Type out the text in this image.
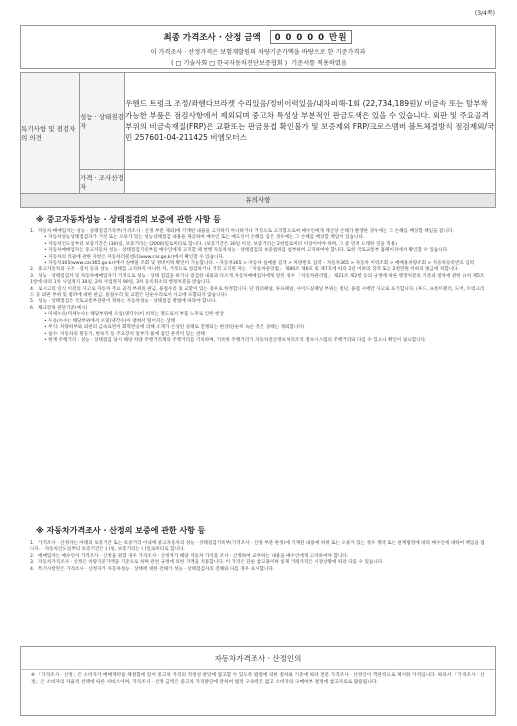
(3/4쪽)
최종 가격조사 · 산정 금액 0 0 0 0 0 만원
이 가격조사 · 산정가격은 보험개발원의 차량기준가액을 바탕으로 한 기준가격과
( □ 기술사회 □ 한국자동차진단보증협회 ) 기준서를 적용하였음
특기사항 및 점검자의 의견	성능 · 상태점검자	우핸드 트렁크 조정/좌핸다브라켓 수리있음/정비이력있음/내차피해-1회 (22,734,189원)/ 비금속 또는 탈부착 가능한 부품은 점검사항에서 제외되며 중고차 특성상 부분적인 판금도색은 있을 수 있습니다. 외판 및 주요골격부위의 비금속재질(FRP)은 교환또는 판금용접 확인불가 및 보증제외 FRP/크로스멤버 볼트체결방식 점검제외/국민 257601-04-211425 비엠모터스
	가격 · 조사산정자	
유의사항
※ 중고자동차성능 · 상태점검의 보증에 관한 사항 등
1. 자동차 매매업자는 성능 · 상태점검기록부(가격조사 · 산정 부분 제외)에 기재된 내용을 고지하지 아니하거나 거짓으로 고지함으로써 매수인에게 재산상 손해가 발생한 경우에는 그 손해를 배상할 책임을 집니다.
• 자동차성능상태점검자가 거짓 또는 오류가 있는 성능상태점검 내용을 제공하여 매수인 또는 매도인이 손해를 입은 경우에는 그 손해를 배상할 책임이 있습니다.
• 자동차인도일부터 보증기간은 (30)일, 보증거리는 (2000)킬로미터로 합니다. (보증기간은 30일 이상, 보증거리는 2천킬로미터 이상이어야 하며, 그 중 먼저 도래한 것을 적용)
• 자동차매매업자는 중고자동차 성능 · 상태점검기록부를 매수인에게 고지할 때 현행 자동차성능 · 상태점검의 보증범위를 첨부하여 고지하여야 합니다. 또한 국토교통부 홈페이지에서 확인할 수 있습니다.
• 자동차의 리콜에 관한 사항은 자동차리콜센터(www.car.go.kr)에서 확인할 수 있습니다.
• 자동차365(www.car365.go.kr)에서 실매물 조회 및 정비이력 확인이 가능합니다. – 자동차365 > 자동차 실매물 검색 > 차량번호 입력 – 자동차365 > 자동차 이력조회 > 매매용차량조회 > 자동차등록번호 입력
2. 중고자동차의 구조 · 장치 등의 성능 · 상태를 고지하지 아니한 자, 거짓으로 점검하거나 거짓 고지한 자는 「자동차관리법」 제80조 제6호 및 제7호에 따라 2년 이하의 징역 또는 2천만원 이하의 벌금에 처합니다.
3. 성능 · 상태점검자 및 자동차매매업자가 거짓으로 성능 · 상태 점검을 하거나 점검한 내용과 다르게 자동차매매업자에게 알린 경우 「자동차관리법」 제21조 제2항 등의 규정에 따른 행정처분의 기준과 절차에 관한 규칙 제5조 1항에 따라 1차 사업정지 30일, 2차 사업정지 90일, 3차 등록취소의 행정처분을 받습니다.
4. 로시고의 연식 이전의 사고로 자동차 주요 골격 부위의 판금, 용접수리 및 교환이 있는 경우로 한정합니다. 단 쿼터패널, 루프패널, 사이드실패널 부위는 절단, 용접 시에만 사고로 표기합니다. (후드, 프론트펜더, 도어, 트렁크리드 등 외판 부위 및 범퍼에 대한 판금, 용접수리 및 교환은 단순수리로서 사고에 포함되지 않습니다)
5. 성능 · 상태점검은 국토교통부장관이 정하는 자동차성능 · 상태점검 방법에 따라야 합니다.
6. 체크항목 판단기준(예시)
• 미세누유(미세누수): 해당부위에 오일(냉각수)이 비치는 정도로서 부품 노후로 인한 현상
• 누유(누수): 해당부위에서 오일(냉각수)이 맺혀서 떨어지는 상태
• 부식: 차량하부와 외판의 금속표면이 화학반응에 의해 소재가 손상된 상태로 진행되는 현상(단순히 녹슨 것은 상태는 제외합니다)
• 침수: 자동차의 원동기, 변속기 등 주요장치 일부가 물에 잠긴 흔적이 있는 상태
• 현재 주행거리 : 성능 · 상태점검 당시 해당 차량 주행거리계의 주행거리를 기록하며, 기록한 주행거리가 자동차전산정보처리조직 정보시스템의 주행거리와 다를 수 있으니 확인이 필요합니다.
※ 자동차가격조사 · 산정의 보증에 관한 사항 등
1. 가격조사 · 산정자는 아래의 보증기간 또는 보증거리 이내에 중고자동차의 성능 · 상태점검기록부(가격조사 · 산정 부분 한정)에 기재된 내용에 허위 또는 오류가 있는 경우 계약 또는 관계법령에 따라 매수인에 대하여 책임을 집니다. · 자동차인도일부터 보증기간은 ( )일, 보증거리는 ( )킬로미터로 합니다.
2. 매매업자는 매수인이 가격조사 · 산정을 원할 경우 가격조사 · 산정자가 해당 자동차 가격을 조사 · 산정하여 교부하는 내용을 매수인에게 고지하여야 합니다.
3. 자동차가격조사 · 산정은 차량기준가액을 기준으로 하며 관련 규정에 의한 가액을 적용합니다. 이 가격은 단순 참고용이며 실제 거래가격은 시장상황에 따라 다를 수 있습니다.
4. 특기사항란은 가격조사 · 산정자가 자동차성능 · 상태에 대한 견해가 성능 · 상태점검자의 견해와 다를 경우 표시합니다.
자동차가격조사 · 산정인의
※ 「가격조사 · 산정」은 소비자가 매매계약을 체결함에 있어 중고차 가격의 적정성 판단에 참고할 수 있도록 법령에 의한 절차와 기준에 따라 전문 가격조사 · 산정인이 객관적으로 제시한 가격입니다. 따라서 「가격조사 · 산정」은 소비자의 자율적 선택에 따른 서비스이며, 가격조사 · 산정 금액은 중고차 가격판단에 관하여 법적 구속력은 없고 소비자의 구매여부 결정에 참고자료로 활용됩니다.
